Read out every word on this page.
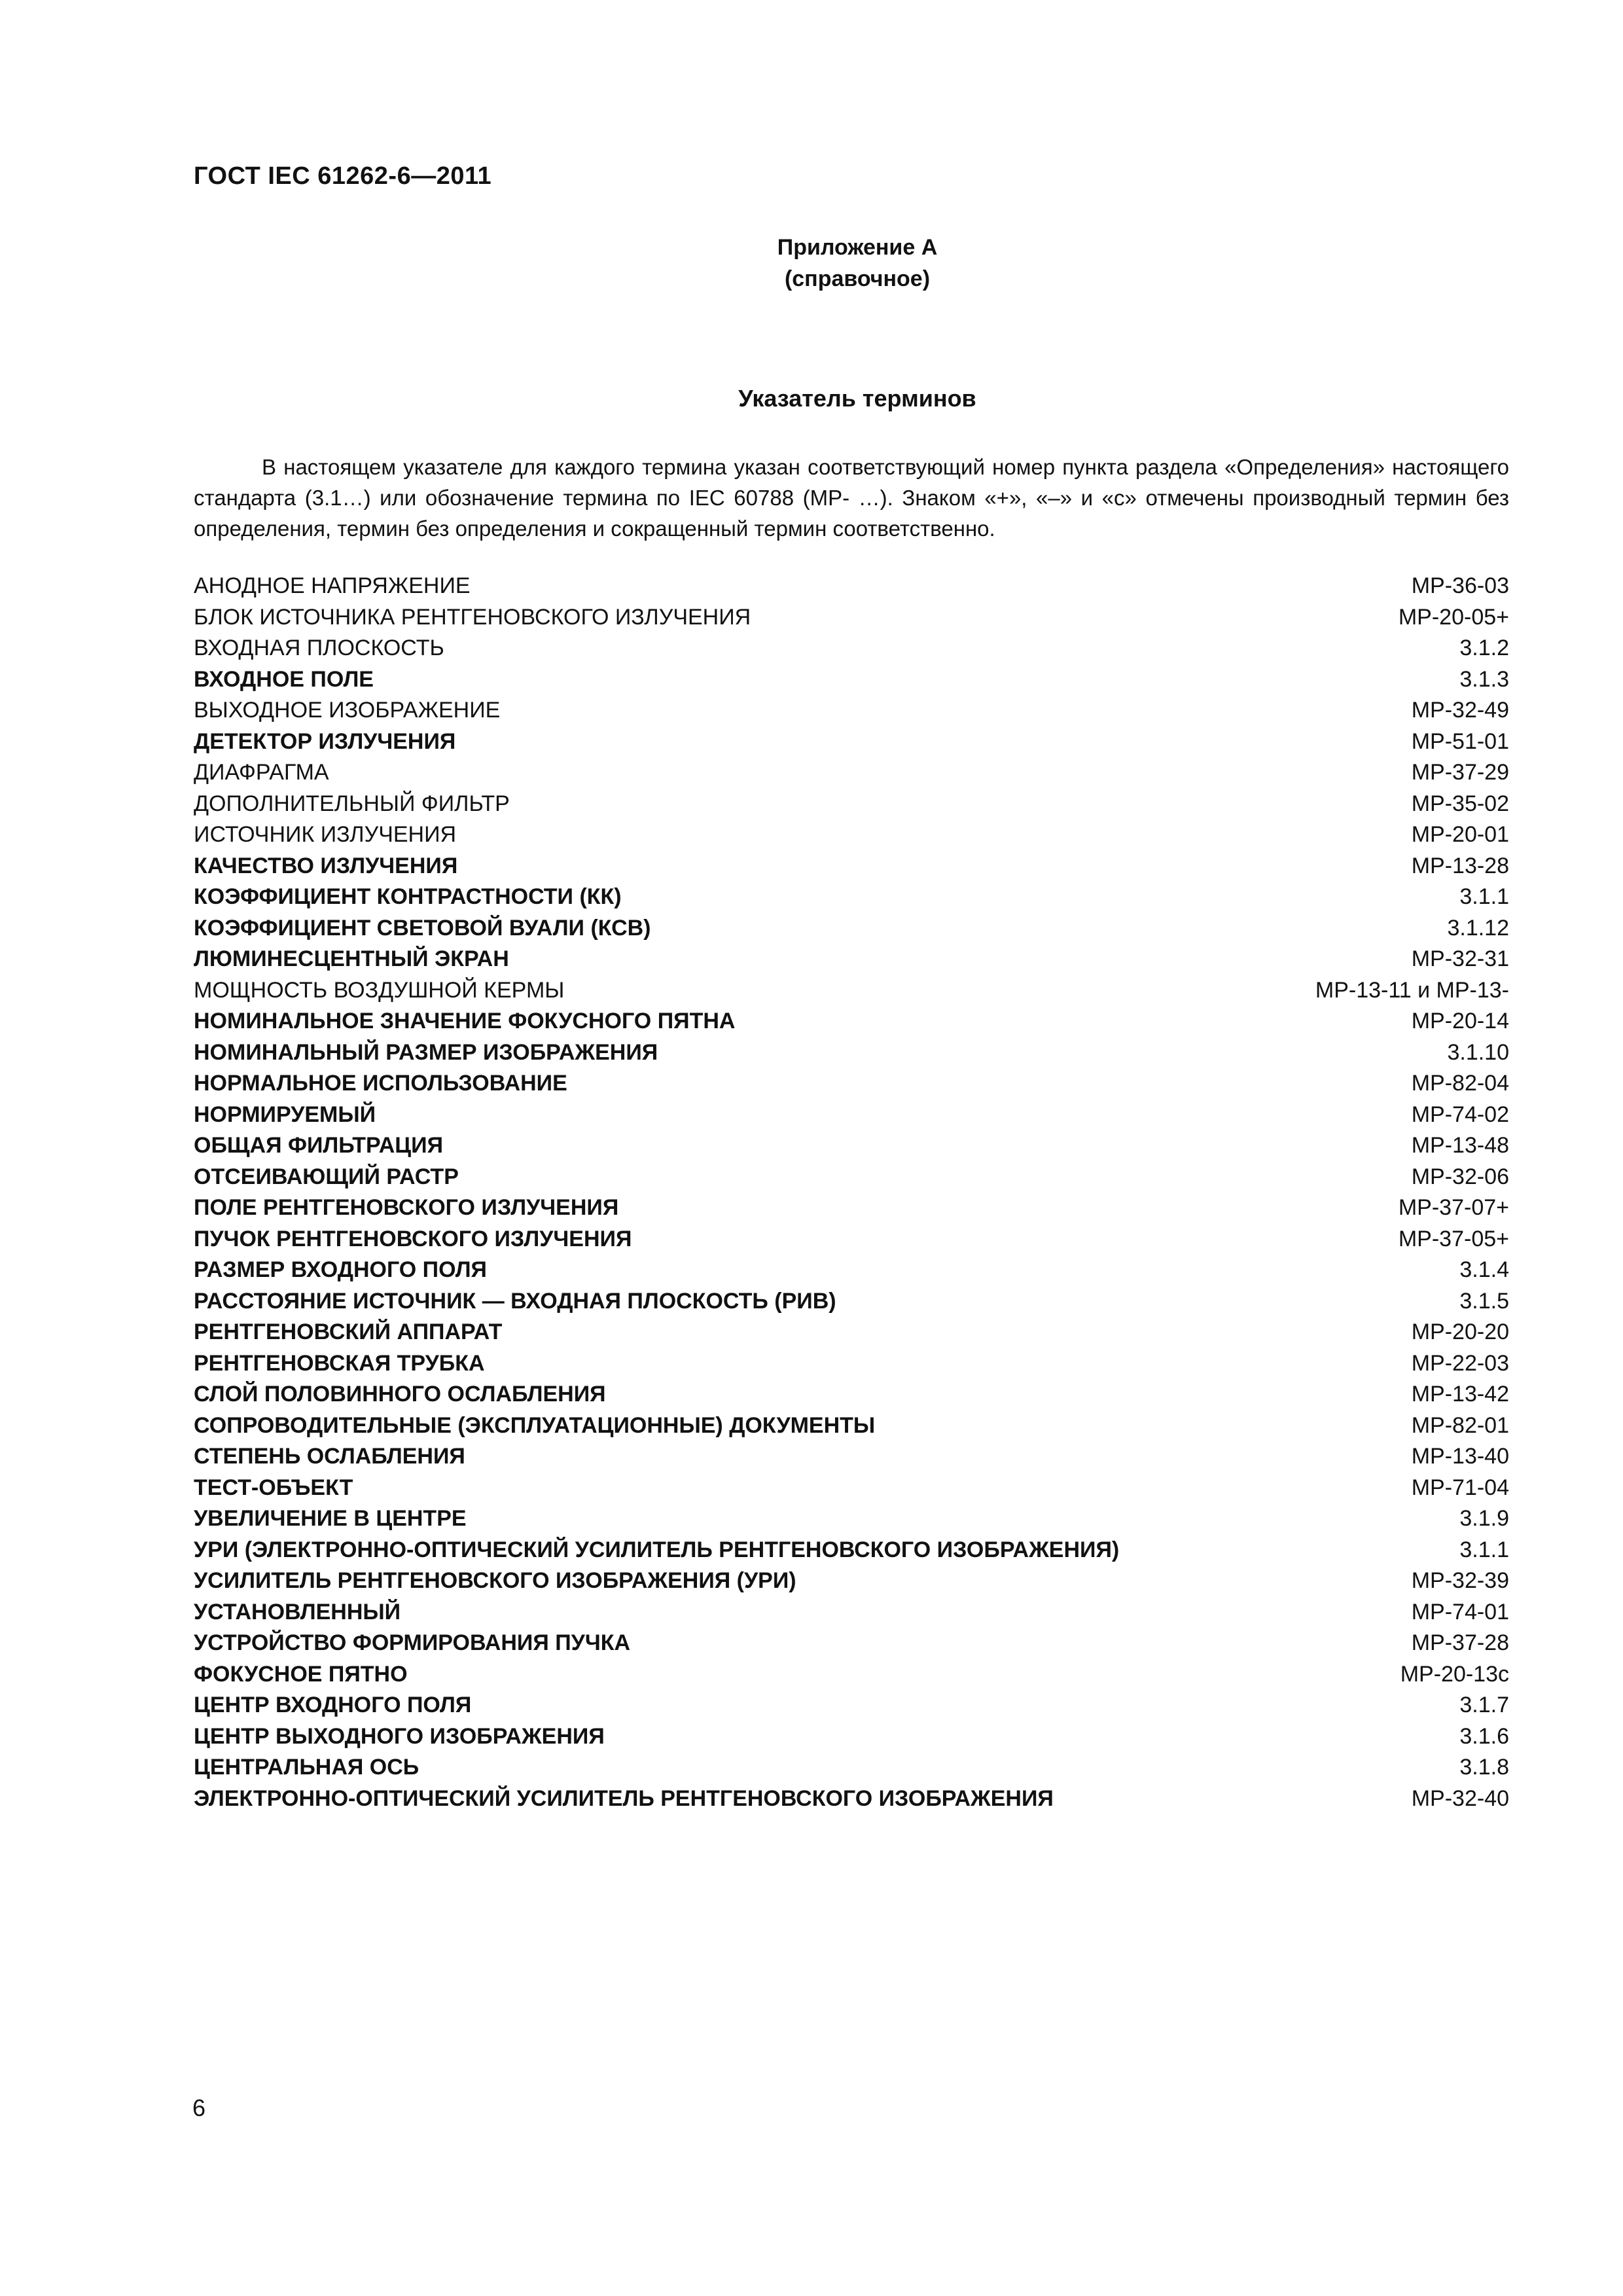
ГОСТ IEC 61262-6—2011
Приложение А
(справочное)
Указатель терминов

В настоящем указателе для каждого термина указан соответствующий номер пункта раздела «Определения» настоящего стандарта (3.1…) или обозначение термина по IEC 60788 (МР- …). Знаком «+», «–» и «с» отмечены производный термин без определения, термин без определения и сокращенный термин соответственно.

АНОДНОЕ НАПРЯЖЕНИЕ	МР-36-03
БЛОК ИСТОЧНИКА РЕНТГЕНОВСКОГО ИЗЛУЧЕНИЯ	МР-20-05+
ВХОДНАЯ ПЛОСКОСТЬ	3.1.2
ВХОДНОЕ ПОЛЕ	3.1.3
ВЫХОДНОЕ ИЗОБРАЖЕНИЕ	МР-32-49
ДЕТЕКТОР ИЗЛУЧЕНИЯ	МР-51-01
ДИАФРАГМА	МР-37-29
ДОПОЛНИТЕЛЬНЫЙ ФИЛЬТР	МР-35-02
ИСТОЧНИК ИЗЛУЧЕНИЯ	МР-20-01
КАЧЕСТВО ИЗЛУЧЕНИЯ	МР-13-28
КОЭФФИЦИЕНТ КОНТРАСТНОСТИ (КК)	3.1.1
КОЭФФИЦИЕНТ СВЕТОВОЙ ВУАЛИ (КСВ)	3.1.12
ЛЮМИНЕСЦЕНТНЫЙ ЭКРАН	МР-32-31
МОЩНОСТЬ ВОЗДУШНОЙ КЕРМЫ	МР-13-11 и МР-13-
НОМИНАЛЬНОЕ ЗНАЧЕНИЕ ФОКУСНОГО ПЯТНА	МР-20-14
НОМИНАЛЬНЫЙ РАЗМЕР ИЗОБРАЖЕНИЯ	3.1.10
НОРМАЛЬНОЕ ИСПОЛЬЗОВАНИЕ	МР-82-04
НОРМИРУЕМЫЙ	МР-74-02
ОБЩАЯ ФИЛЬТРАЦИЯ	МР-13-48
ОТСЕИВАЮЩИЙ РАСТР	МР-32-06
ПОЛЕ РЕНТГЕНОВСКОГО ИЗЛУЧЕНИЯ	МР-37-07+
ПУЧОК РЕНТГЕНОВСКОГО ИЗЛУЧЕНИЯ	МР-37-05+
РАЗМЕР ВХОДНОГО ПОЛЯ	3.1.4
РАССТОЯНИЕ ИСТОЧНИК — ВХОДНАЯ ПЛОСКОСТЬ (РИВ)	3.1.5
РЕНТГЕНОВСКИЙ АППАРАТ	МР-20-20
РЕНТГЕНОВСКАЯ ТРУБКА	МР-22-03
СЛОЙ ПОЛОВИННОГО ОСЛАБЛЕНИЯ	МР-13-42
СОПРОВОДИТЕЛЬНЫЕ (ЭКСПЛУАТАЦИОННЫЕ) ДОКУМЕНТЫ	МР-82-01
СТЕПЕНЬ ОСЛАБЛЕНИЯ	МР-13-40
ТЕСТ-ОБЪЕКТ	МР-71-04
УВЕЛИЧЕНИЕ В ЦЕНТРЕ	3.1.9
УРИ (ЭЛЕКТРОННО-ОПТИЧЕСКИЙ УСИЛИТЕЛЬ РЕНТГЕНОВСКОГО ИЗОБРАЖЕНИЯ)	3.1.1
УСИЛИТЕЛЬ РЕНТГЕНОВСКОГО ИЗОБРАЖЕНИЯ (УРИ)	МР-32-39
УСТАНОВЛЕННЫЙ	МР-74-01
УСТРОЙСТВО ФОРМИРОВАНИЯ ПУЧКА	МР-37-28
ФОКУСНОЕ ПЯТНО	МР-20-13с
ЦЕНТР ВХОДНОГО ПОЛЯ	3.1.7
ЦЕНТР ВЫХОДНОГО ИЗОБРАЖЕНИЯ	3.1.6
ЦЕНТРАЛЬНАЯ ОСЬ	3.1.8
ЭЛЕКТРОННО-ОПТИЧЕСКИЙ УСИЛИТЕЛЬ РЕНТГЕНОВСКОГО ИЗОБРАЖЕНИЯ	МР-32-40
6
